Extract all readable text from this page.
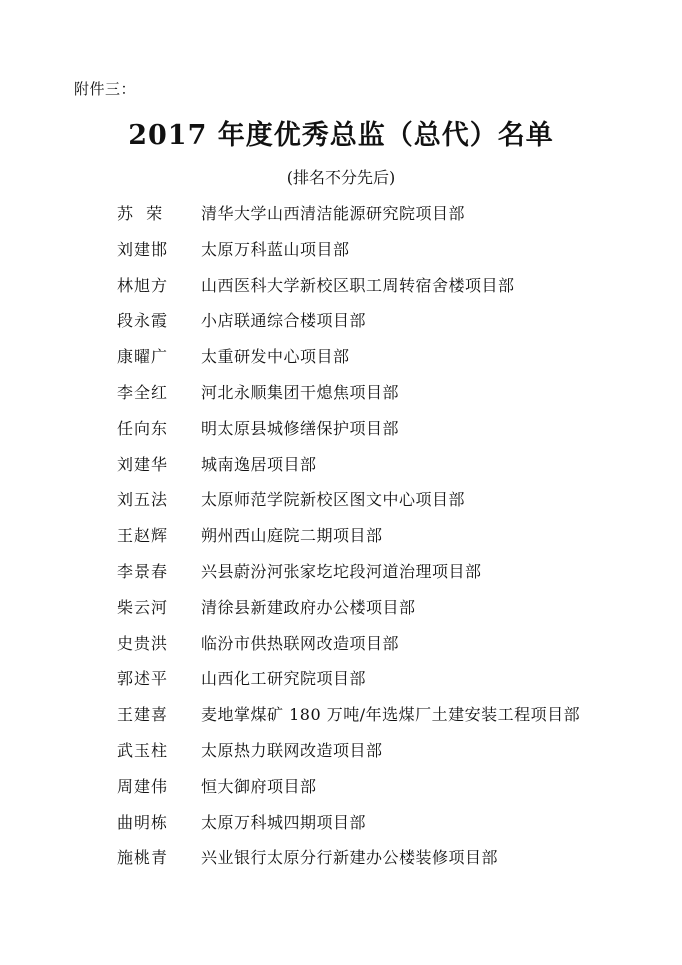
附件三：
2017 年度优秀总监（总代）名单
(排名不分先后)
苏  荣	清华大学山西清洁能源研究院项目部
刘建邯	太原万科蓝山项目部
林旭方	山西医科大学新校区职工周转宿舍楼项目部
段永霞	小店联通综合楼项目部
康曜广	太重研发中心项目部
李全红	河北永顺集团干熄焦项目部
任向东	明太原县城修缮保护项目部
刘建华	城南逸居项目部
刘五法	太原师范学院新校区图文中心项目部
王赵辉	朔州西山庭院二期项目部
李景春	兴县蔚汾河张家圪坨段河道治理项目部
柴云河	清徐县新建政府办公楼项目部
史贵洪	临汾市供热联网改造项目部
郭述平	山西化工研究院项目部
王建喜	麦地掌煤矿 180 万吨/年选煤厂土建安装工程项目部
武玉柱	太原热力联网改造项目部
周建伟	恒大御府项目部
曲明栋	太原万科城四期项目部
施桃青	兴业银行太原分行新建办公楼装修项目部
